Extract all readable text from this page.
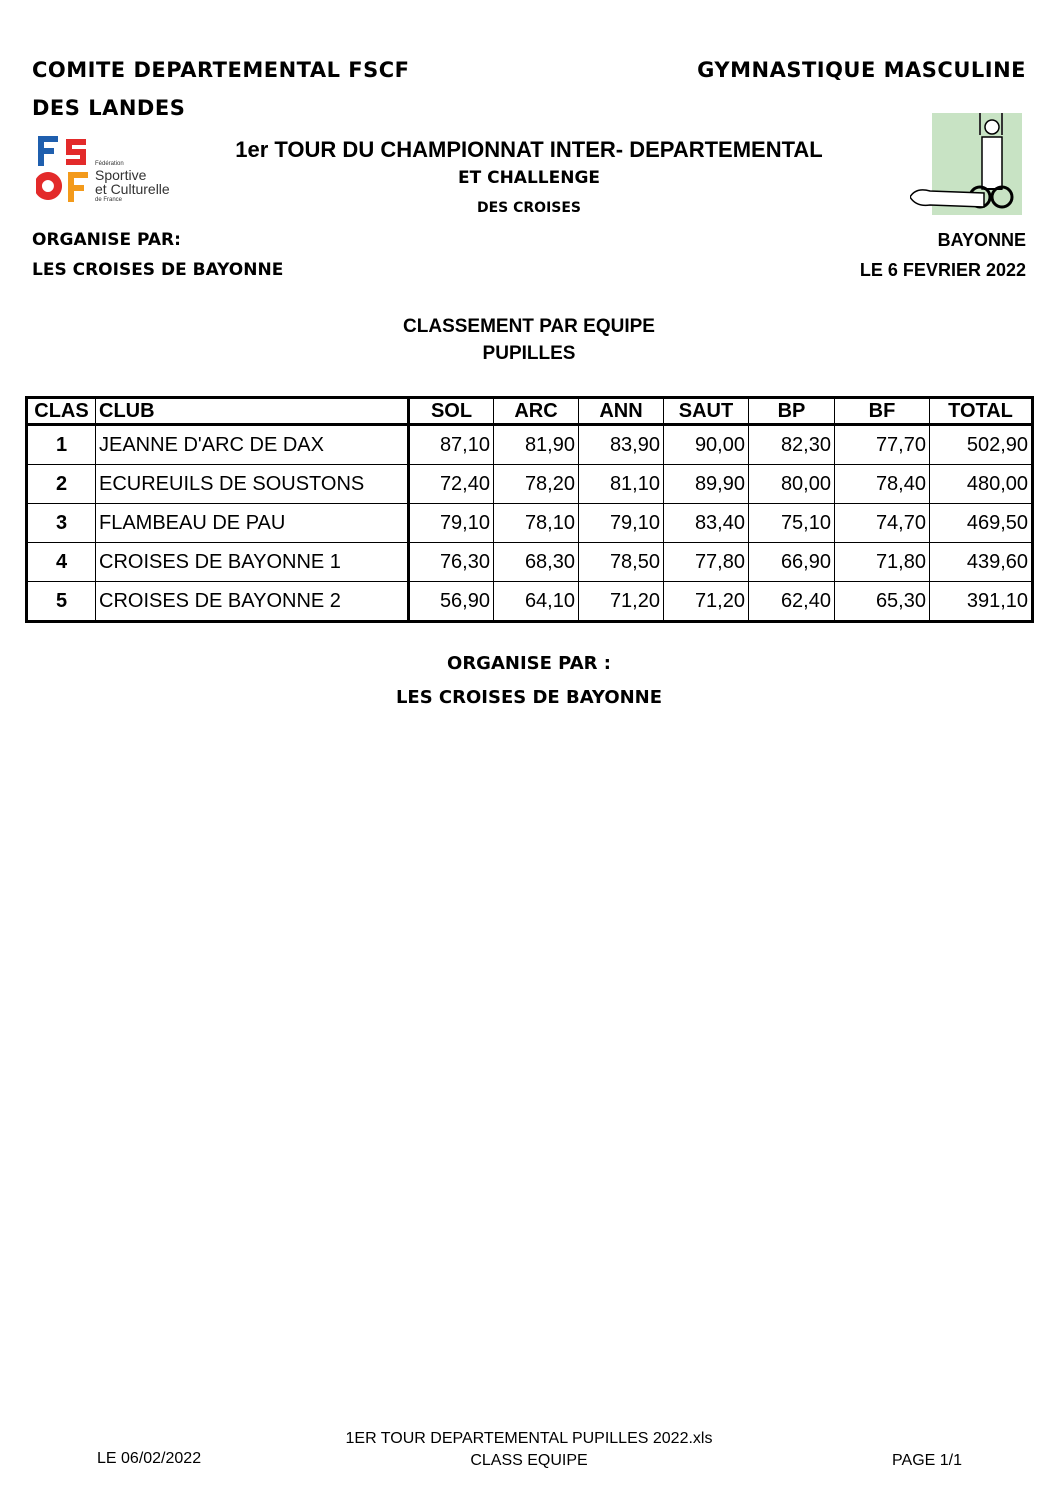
COMITE DEPARTEMENTAL FSCF
DES LANDES
GYMNASTIQUE MASCULINE
Fédération
Sportive
et Culturelle
de France
1er TOUR DU CHAMPIONNAT INTER- DEPARTEMENTAL
ET CHALLENGE
DES CROISES
ORGANISE PAR:
LES CROISES DE BAYONNE
BAYONNE
LE 6 FEVRIER 2022
CLASSEMENT PAR EQUIPE
PUPILLES
CLAS	CLUB	SOL	ARC	ANN	SAUT	BP	BF	TOTAL
1	JEANNE D'ARC DE DAX	87,10	81,90	83,90	90,00	82,30	77,70	502,90
2	ECUREUILS DE SOUSTONS	72,40	78,20	81,10	89,90	80,00	78,40	480,00
3	FLAMBEAU DE PAU	79,10	78,10	79,10	83,40	75,10	74,70	469,50
4	CROISES DE BAYONNE 1	76,30	68,30	78,50	77,80	66,90	71,80	439,60
5	CROISES DE BAYONNE 2	56,90	64,10	71,20	71,20	62,40	65,30	391,10
ORGANISE PAR :
LES CROISES DE BAYONNE
1ER TOUR DEPARTEMENTAL PUPILLES 2022.xls
CLASS EQUIPE
LE 06/02/2022	PAGE 1/1
